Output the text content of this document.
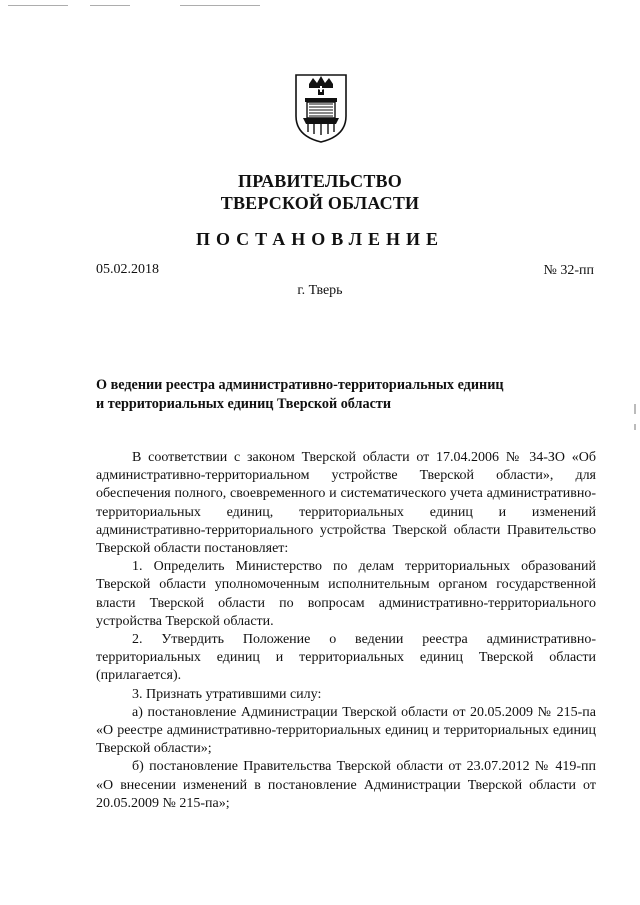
ПРАВИТЕЛЬСТВО
ТВЕРСКОЙ ОБЛАСТИ
ПОСТАНОВЛЕНИЕ
05.02.2018	№ 32-пп
г. Тверь
О ведении реестра административно-территориальных единиц
и территориальных единиц Тверской области

В соответствии с законом Тверской области от 17.04.2006 № 34-ЗО «Об административно-территориальном устройстве Тверской области», для обеспечения полного, своевременного и систематического учета административно-территориальных единиц, территориальных единиц и изменений административно-территориального устройства Тверской области Правительство Тверской области постановляет:

1. Определить Министерство по делам территориальных образований Тверской области уполномоченным исполнительным органом государственной власти Тверской области по вопросам административно-территориального устройства Тверской области.

2. Утвердить Положение о ведении реестра административно-территориальных единиц и территориальных единиц Тверской области (прилагается).

3. Признать утратившими силу:

а) постановление Администрации Тверской области от 20.05.2009 № 215-па «О реестре административно-территориальных единиц и территориальных единиц Тверской области»;

б) постановление Правительства Тверской области от 23.07.2012 № 419-пп «О внесении изменений в постановление Администрации Тверской области от 20.05.2009 № 215-па»;
